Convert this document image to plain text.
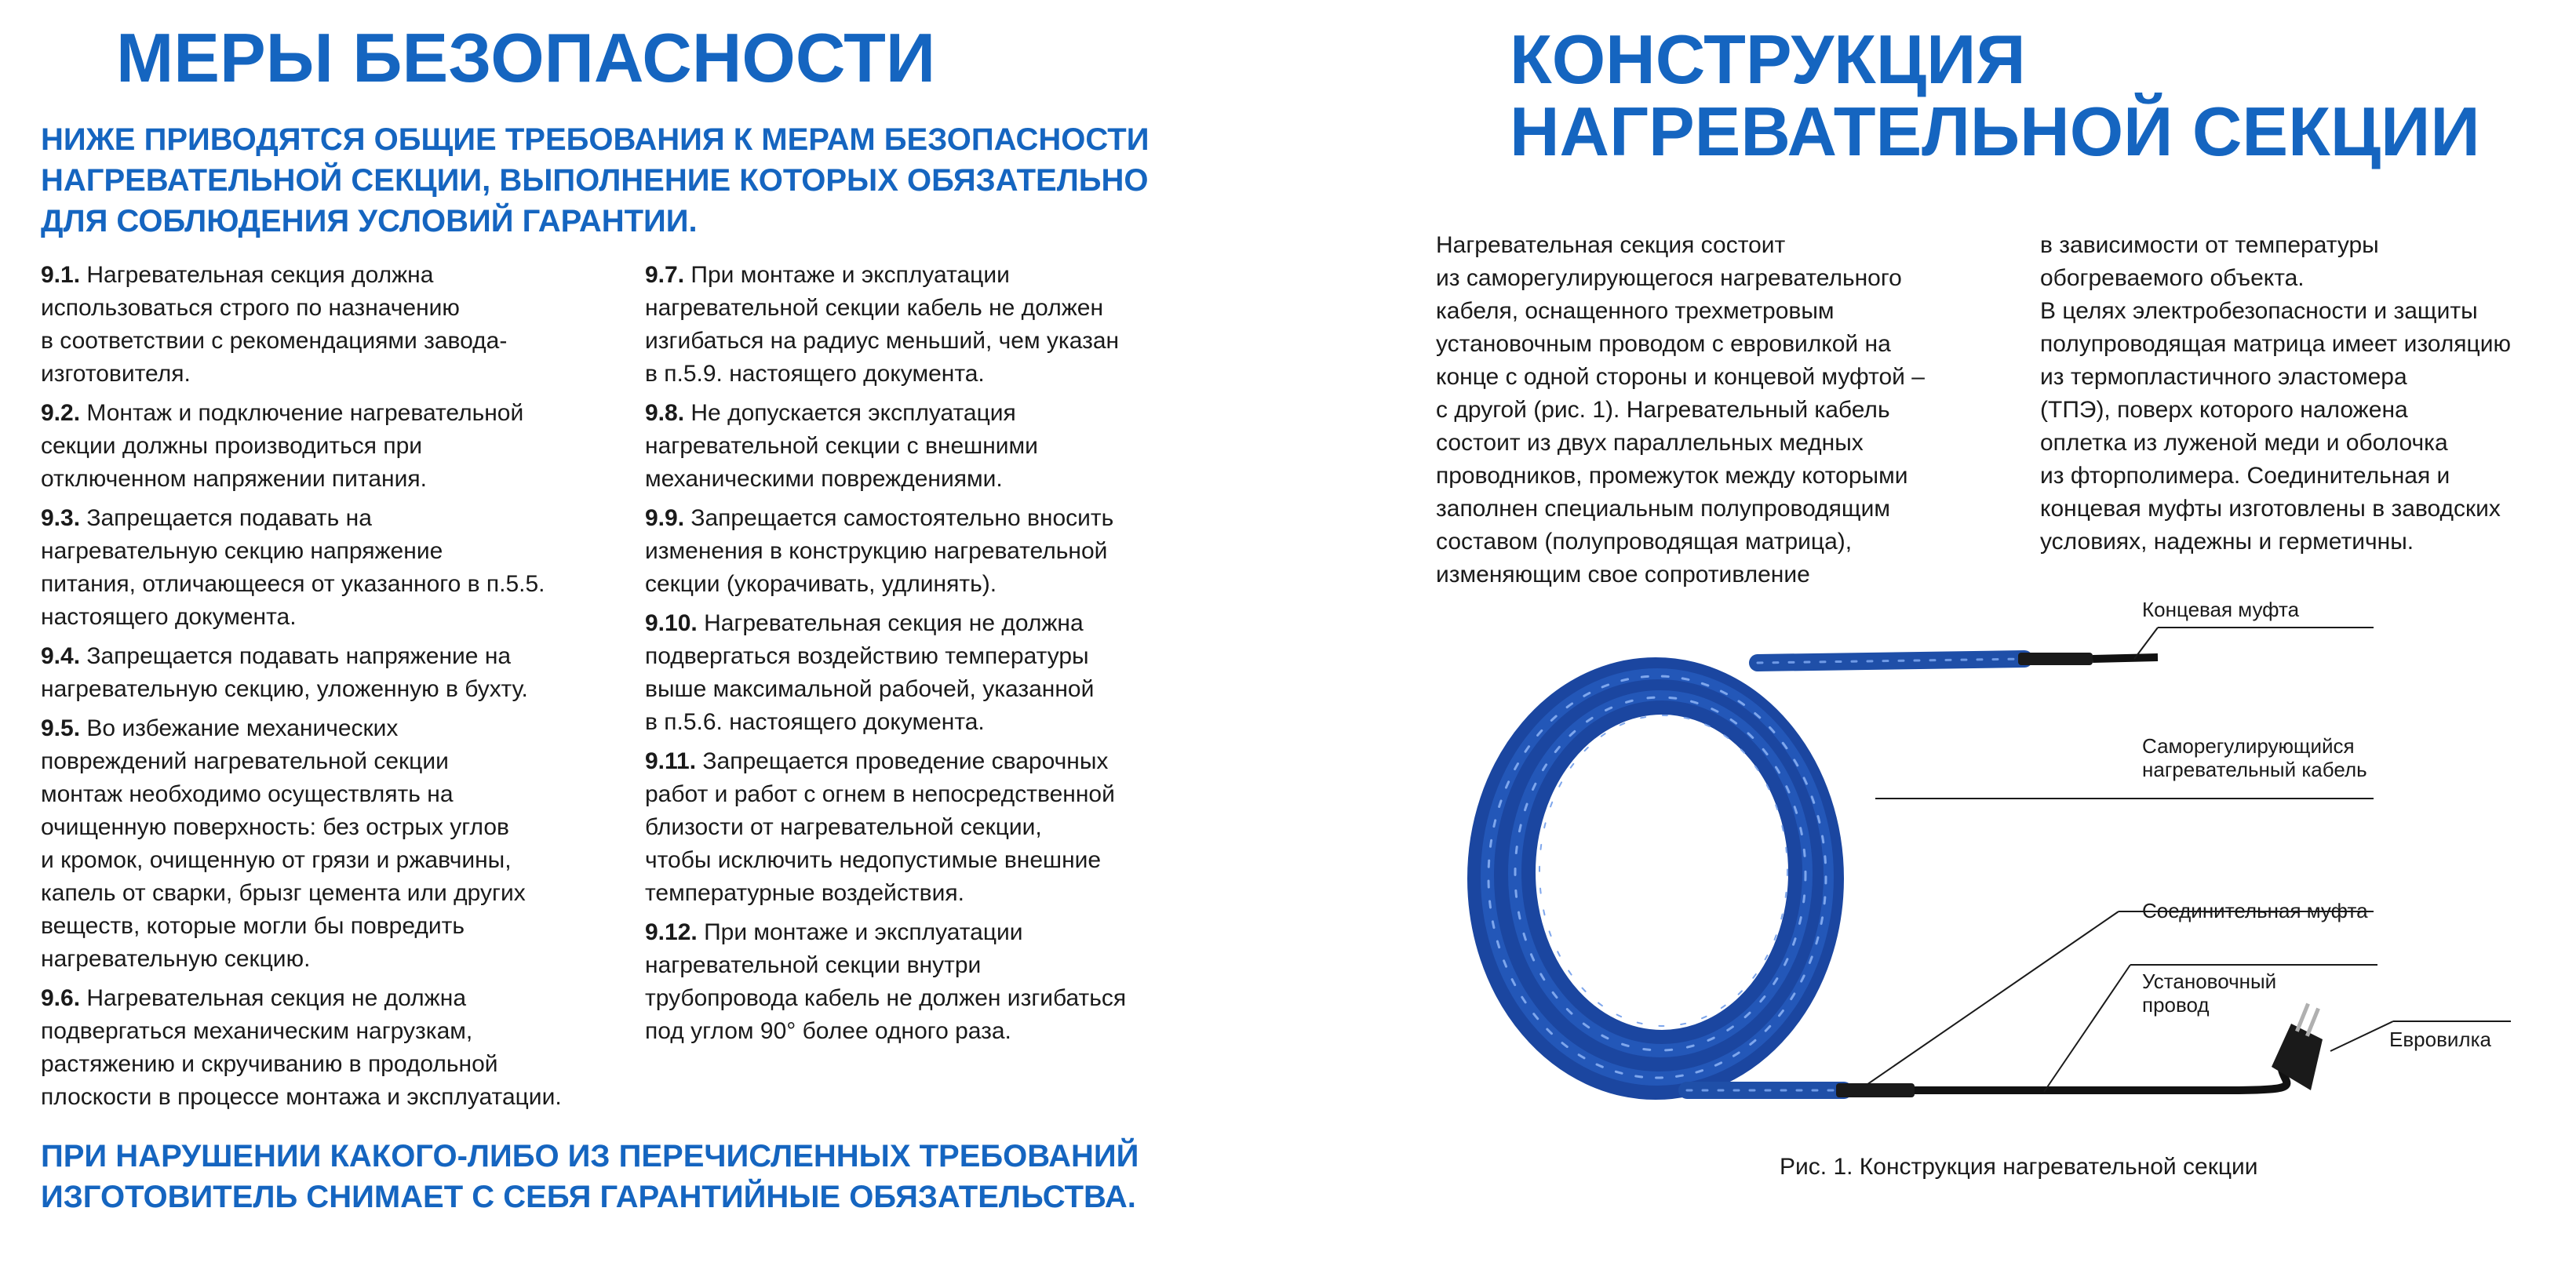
МЕРЫ БЕЗОПАСНОСТИ
НИЖЕ ПРИВОДЯТСЯ ОБЩИЕ ТРЕБОВАНИЯ К МЕРАМ БЕЗОПАСНОСТИ
НАГРЕВАТЕЛЬНОЙ СЕКЦИИ, ВЫПОЛНЕНИЕ КОТОРЫХ ОБЯЗАТЕЛЬНО
ДЛЯ СОБЛЮДЕНИЯ УСЛОВИЙ ГАРАНТИИ.

9.1. Нагревательная секция должна
использоваться строго по назначению
в соответствии с рекомендациями завода-
изготовителя.

9.2. Монтаж и подключение нагревательной
секции должны производиться при
отключенном напряжении питания.

9.3. Запрещается подавать на
нагревательную секцию напряжение
питания, отличающееся от указанного в п.5.5.
настоящего документа.

9.4. Запрещается подавать напряжение на
нагревательную секцию, уложенную в бухту.

9.5. Во избежание механических
повреждений нагревательной секции
монтаж необходимо осуществлять на
очищенную поверхность: без острых углов
и кромок, очищенную от грязи и ржавчины,
капель от сварки, брызг цемента или других
веществ, которые могли бы повредить
нагревательную секцию.

9.6. Нагревательная секция не должна
подвергаться механическим нагрузкам,
растяжению и скручиванию в продольной
плоскости в процессе монтажа и эксплуатации.

9.7. При монтаже и эксплуатации
нагревательной секции кабель не должен
изгибаться на радиус меньший, чем указан
в п.5.9. настоящего документа.

9.8. Не допускается эксплуатация
нагревательной секции с внешними
механическими повреждениями.

9.9. Запрещается самостоятельно вносить
изменения в конструкцию нагревательной
секции (укорачивать, удлинять).

9.10. Нагревательная секция не должна
подвергаться воздействию температуры
выше максимальной рабочей, указанной
в п.5.6. настоящего документа.

9.11. Запрещается проведение сварочных
работ и работ с огнем в непосредственной
близости от нагревательной секции,
чтобы исключить недопустимые внешние
температурные воздействия.

9.12. При монтаже и эксплуатации
нагревательной секции внутри
трубопровода кабель не должен изгибаться
под углом 90° более одного раза.

ПРИ НАРУШЕНИИ КАКОГО-ЛИБО ИЗ ПЕРЕЧИСЛЕННЫХ ТРЕБОВАНИЙ
ИЗГОТОВИТЕЛЬ СНИМАЕТ С СЕБЯ ГАРАНТИЙНЫЕ ОБЯЗАТЕЛЬСТВА.
КОНСТРУКЦИЯ
НАГРЕВАТЕЛЬНОЙ СЕКЦИИ
Нагревательная секция состоит
из саморегулирующегося нагревательного
кабеля, оснащенного трехметровым
установочным проводом с евровилкой на
конце с одной стороны и концевой муфтой –
с другой (рис. 1). Нагревательный кабель
состоит из двух параллельных медных
проводников, промежуток между которыми
заполнен специальным полупроводящим
составом (полупроводящая матрица),
изменяющим свое сопротивление
в зависимости от температуры
обогреваемого объекта.
В целях электробезопасности и защиты
полупроводящая матрица имеет изоляцию
из термопластичного эластомера
(ТПЭ), поверх которого наложена
оплетка из луженой меди и оболочка
из фторполимера. Соединительная и
концевая муфты изготовлены в заводских
условиях, надежны и герметичны.
Концевая муфта
Саморегулирующийся
нагревательный кабель
Соединительная муфта
Установочный
провод
Евровилка
Рис. 1. Конструкция нагревательной секции
